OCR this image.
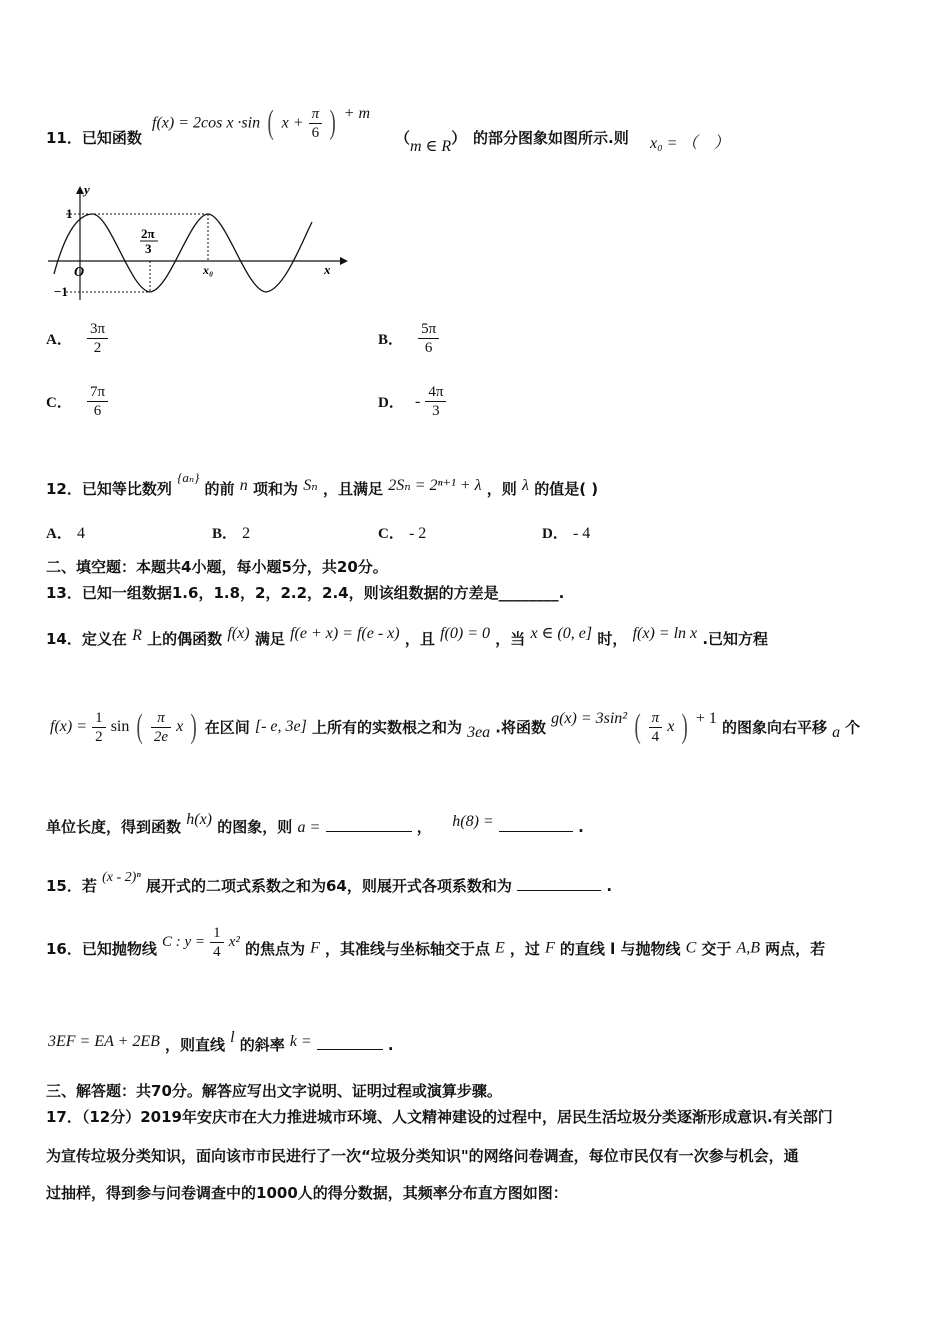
11．已知函数
f(x) = 2cos x ·sin ( $x + \frac{\pi}{6}$ ) + m
（m ∈ R） 的部分图象如图所示.则 x₀ = （　）
y
x
O
1
−1
2π
3
x₀
A． $\frac{3\pi}{2}$	B． $\frac{5\pi}{6}$
C． $\frac{7\pi}{6}$	D． - $\frac{4\pi}{3}$
12．已知等比数列 {aₙ} 的前 n 项和为 Sₙ ，且满足 2Sₙ = 2ⁿ⁺¹ + λ ，则 λ 的值是( )
A． 4	B． 2	C． - 2	D． - 4
二、填空题：本题共4小题，每小题5分，共20分。
13．已知一组数据1.6，1.8，2，2.2，2.4，则该组数据的方差是________.
14．定义在 R 上的偶函数 f(x) 满足 f(e + x) = f(e - x) ，且 f(0) = 0 ，当 x ∈ (0, e] 时， f(x) = ln x .已知方程
$f(x) = \frac{1}{2}$ sin ( $\frac{\pi}{2e}$ x ) 在区间 [- e, 3e] 上所有的实数根之和为 3ea .将函数 g(x) = 3sin² ( $\frac{\pi}{4}$ x ) + 1 的图象向右平移 a 个
单位长度，得到函数 h(x) 的图象，则 a =	， h(8) =	.
15．若 (x - 2)ⁿ 展开式的二项式系数之和为64，则展开式各项系数和为	.
16．已知抛物线 C : $y = \frac{1}{4} x^2$ 的焦点为 F ，其准线与坐标轴交于点 E ，过 F 的直线 l 与抛物线 C 交于 A,B 两点，若
3EF = EA + 2EB ，则直线 l 的斜率 k =	.
三、解答题：共70分。解答应写出文字说明、证明过程或演算步骤。
17．（12分）2019年安庆市在大力推进城市环境、人文精神建设的过程中，居民生活垃圾分类逐渐形成意识.有关部门
为宣传垃圾分类知识，面向该市市民进行了一次“垃圾分类知识"的网络问卷调查，每位市民仅有一次参与机会，通
过抽样，得到参与问卷调查中的1000人的得分数据，其频率分布直方图如图：
